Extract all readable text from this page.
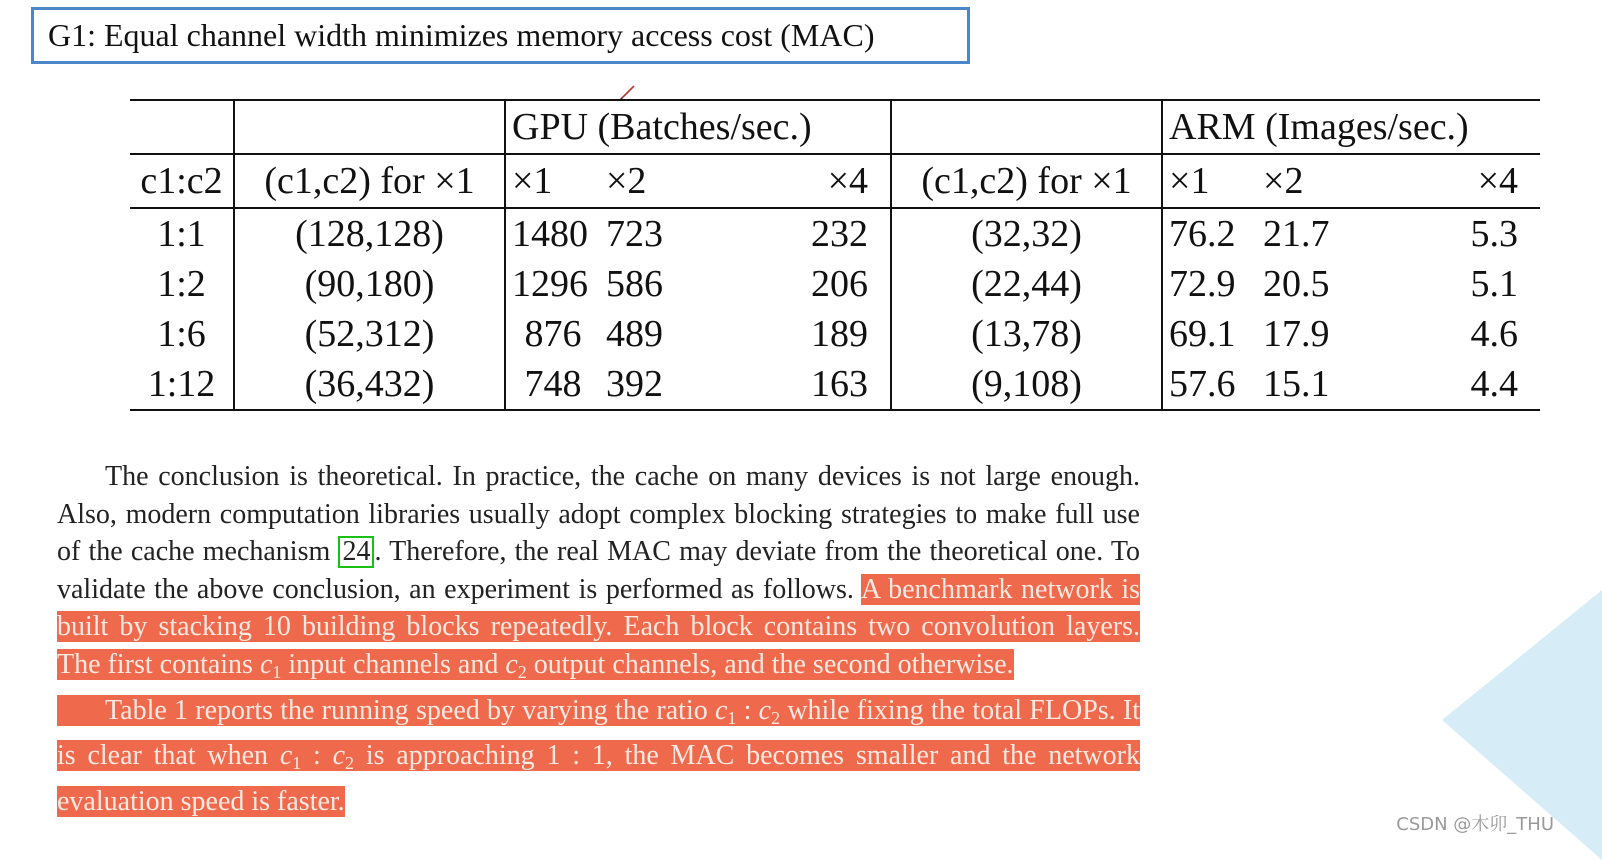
G1: Equal channel width minimizes memory access cost (MAC)
		GPU (Batches/sec.)				ARM (Images/sec.)		
c1:c2	(c1,c2) for ×1	×1	×2	×4	(c1,c2) for ×1	×1	×2	×4
1:1	(128,128)	1480	723	232	(32,32)	76.2	21.7	5.3
1:2	(90,180)	1296	586	206	(22,44)	72.9	20.5	5.1
1:6	(52,312)	876	489	189	(13,78)	69.1	17.9	4.6
1:12	(36,432)	748	392	163	(9,108)	57.6	15.1	4.4

The conclusion is theoretical. In practice, the cache on many devices is not large enough. Also, modern computation libraries usually adopt complex blocking strategies to make full use of the cache mechanism 24 . Therefore, the real MAC may deviate from the theoretical one. To validate the above conclusion, an experiment is performed as follows. A benchmark network is built by stacking 10 building blocks repeatedly. Each block contains two convolution layers. The first contains $c_1$ input channels and $c_2$ output channels, and the second otherwise.

Table 1 reports the running speed by varying the ratio $c_1$ : $c_2$ while fixing the total FLOPs. It is clear that when $c_1$ : $c_2$ is approaching 1 : 1, the MAC becomes smaller and the network evaluation speed is faster.

CSDN @木卯_THU
